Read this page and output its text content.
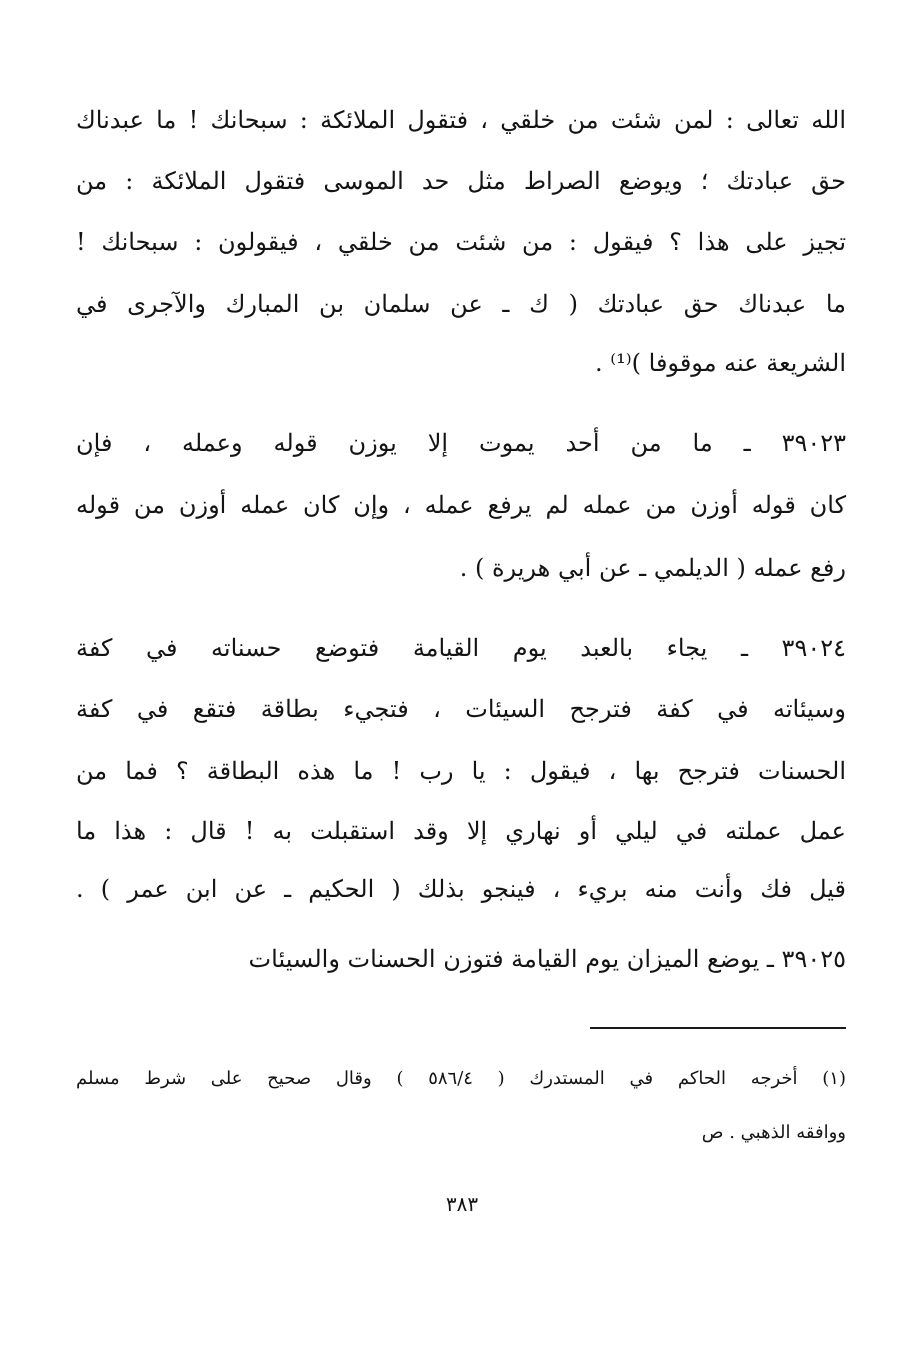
الله تعالى : لمن شئت من خلقي ، فتقول الملائكة : سبحانك ! ما عبدناك
حق عبادتك ؛ ويوضع الصراط مثل حد الموسى فتقول الملائكة : من
تجيز على هذا ؟ فيقول : من شئت من خلقي ، فيقولون : سبحانك !
ما عبدناك حق عبادتك ( ك ـ عن سلمان بن المبارك والآجرى في
الشريعة عنه موقوفا )⁽¹⁾ .
٣٩٠٢٣ ـ ما من أحد يموت إلا يوزن قوله وعمله ، فإن
كان قوله أوزن من عمله لم يرفع عمله ، وإن كان عمله أوزن من قوله
رفع عمله ( الديلمي ـ عن أبي هريرة ) .
٣٩٠٢٤ ـ يجاء بالعبد يوم القيامة فتوضع حسناته في كفة
وسيئاته في كفة فترجح السيئات ، فتجيء بطاقة فتقع في كفة
الحسنات فترجح بها ، فيقول : يا رب ! ما هذه البطاقة ؟ فما من
عمل عملته في ليلي أو نهاري إلا وقد استقبلت به ! قال : هذا ما
قيل فك وأنت منه بريء ، فينجو بذلك ( الحكيم ـ عن ابن عمر ) .
٣٩٠٢٥ ـ يوضع الميزان يوم القيامة فتوزن الحسنات والسيئات
(١) أخرجه الحاكم في المستدرك ( ٥٨٦/٤ ) وقال صحيح على شرط مسلم
ووافقه الذهبي . ص
٣٨٣
